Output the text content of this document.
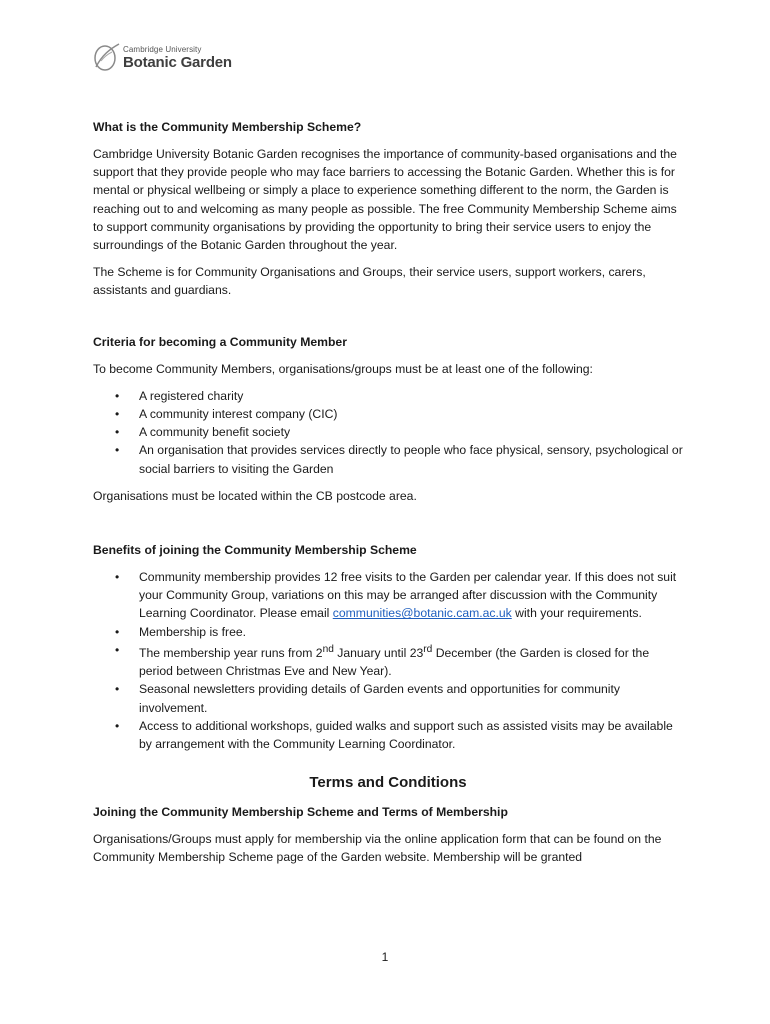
Cambridge University
Botanic Garden
What is the Community Membership Scheme?

Cambridge University Botanic Garden recognises the importance of community-based organisations and the support that they provide people who may face barriers to accessing the Botanic Garden. Whether this is for mental or physical wellbeing or simply a place to experience something different to the norm, the Garden is reaching out to and welcoming as many people as possible. The free Community Membership Scheme aims to support community organisations by providing the opportunity to bring their service users to enjoy the surroundings of the Botanic Garden throughout the year.

The Scheme is for Community Organisations and Groups, their service users, support workers, carers, assistants and guardians.

Criteria for becoming a Community Member

To become Community Members, organisations/groups must be at least one of the following:

• A registered charity
• A community interest company (CIC)
• A community benefit society
• An organisation that provides services directly to people who face physical, sensory, psychological or social barriers to visiting the Garden

Organisations must be located within the CB postcode area.

Benefits of joining the Community Membership Scheme
• Community membership provides 12 free visits to the Garden per calendar year. If this does not suit your Community Group, variations on this may be arranged after discussion with the Community Learning Coordinator. Please email communities@botanic.cam.ac.uk with your requirements.
• Membership is free.
• The membership year runs from 2nd January until 23rd December (the Garden is closed for the period between Christmas Eve and New Year).
• Seasonal newsletters providing details of Garden events and opportunities for community involvement.
• Access to additional workshops, guided walks and support such as assisted visits may be available by arrangement with the Community Learning Coordinator.
Terms and Conditions
Joining the Community Membership Scheme and Terms of Membership

Organisations/Groups must apply for membership via the online application form that can be found on the Community Membership Scheme page of the Garden website. Membership will be granted

1
